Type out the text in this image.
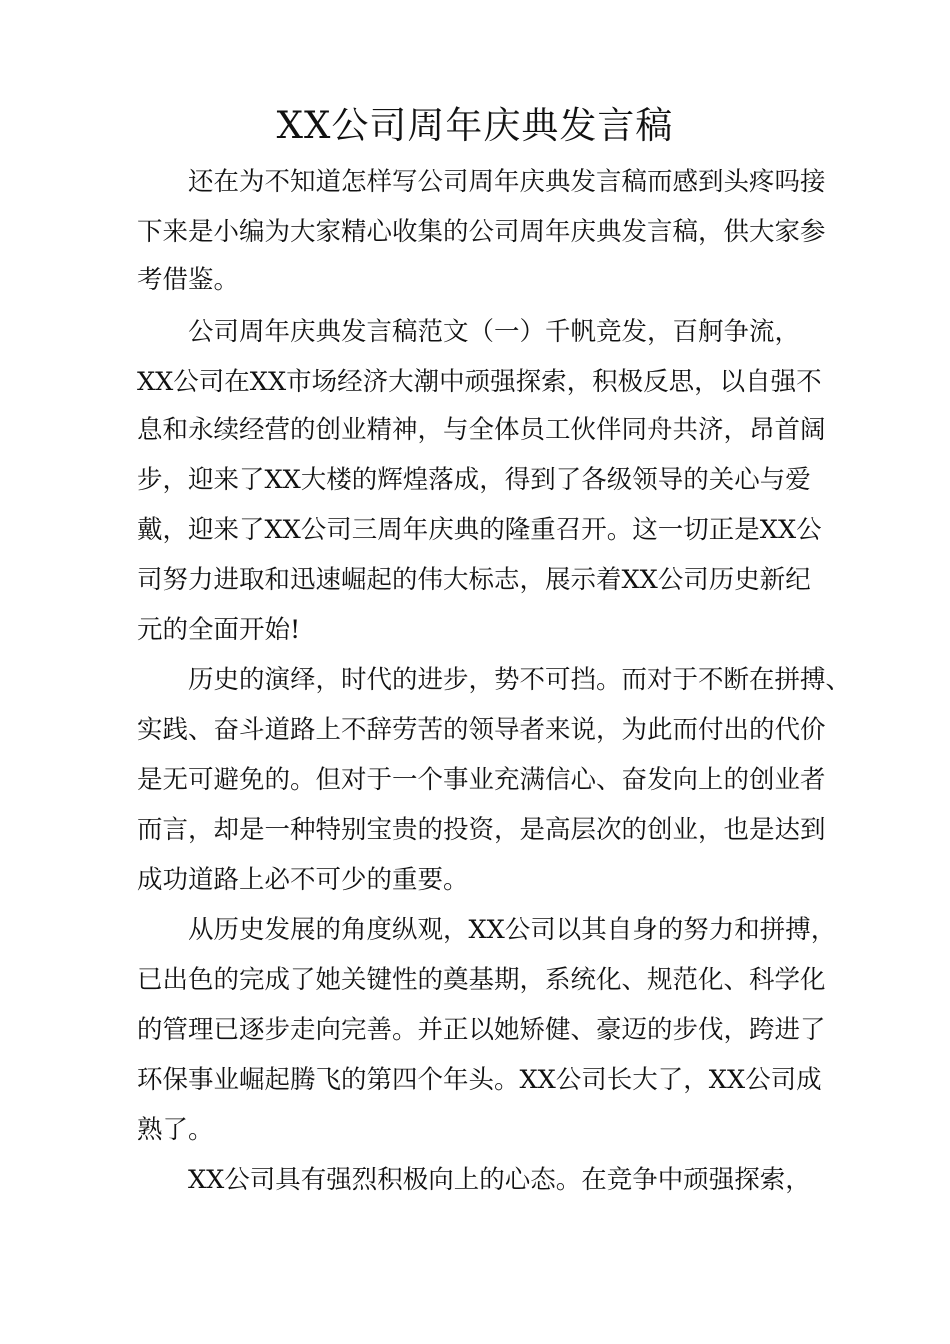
XX公司周年庆典发言稿
还在为不知道怎样写公司周年庆典发言稿而感到头疼吗接
下来是小编为大家精心收集的公司周年庆典发言稿，供大家参
考借鉴。
公司周年庆典发言稿范文（一）千帆竞发，百舸争流，
XX公司在XX市场经济大潮中顽强探索，积极反思，以自强不
息和永续经营的创业精神，与全体员工伙伴同舟共济，昂首阔
步，迎来了XX大楼的辉煌落成，得到了各级领导的关心与爱
戴，迎来了XX公司三周年庆典的隆重召开。这一切正是XX公
司努力进取和迅速崛起的伟大标志，展示着XX公司历史新纪
元的全面开始!
历史的演绎，时代的进步，势不可挡。而对于不断在拼搏、
实践、奋斗道路上不辞劳苦的领导者来说，为此而付出的代价
是无可避免的。但对于一个事业充满信心、奋发向上的创业者
而言，却是一种特别宝贵的投资，是高层次的创业，也是达到
成功道路上必不可少的重要。
从历史发展的角度纵观，XX公司以其自身的努力和拼搏，
已出色的完成了她关键性的奠基期，系统化、规范化、科学化
的管理已逐步走向完善。并正以她矫健、豪迈的步伐，跨进了
环保事业崛起腾飞的第四个年头。XX公司长大了，XX公司成
熟了。
XX公司具有强烈积极向上的心态。在竞争中顽强探索，
